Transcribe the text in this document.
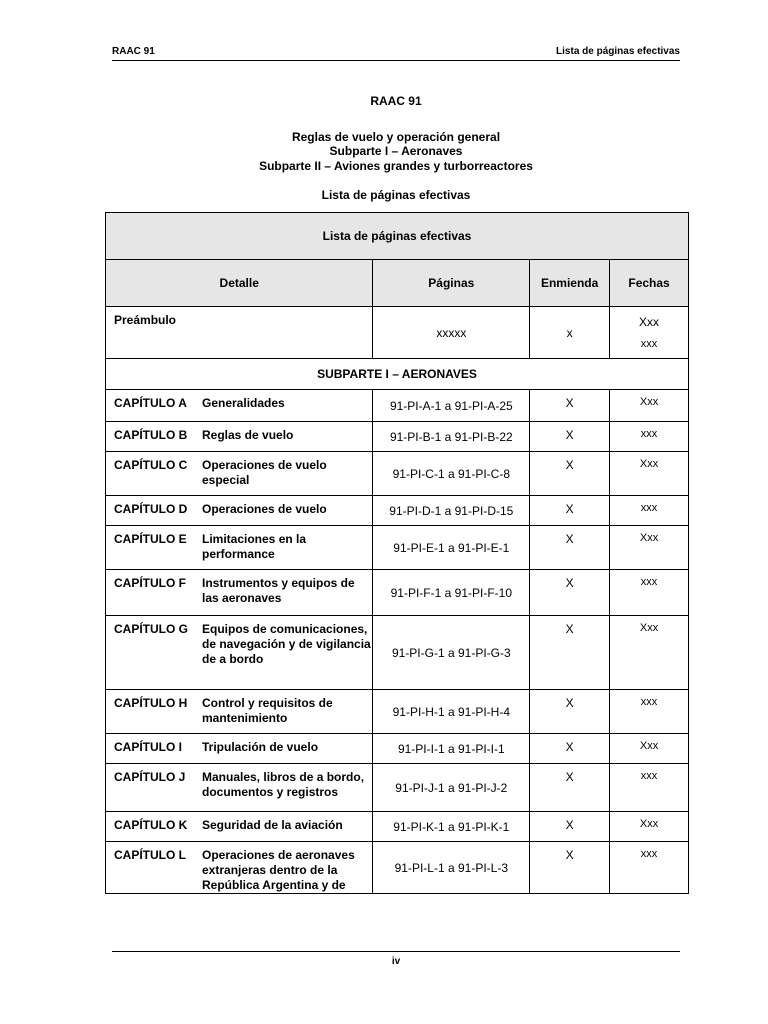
RAAC 91	Lista de páginas efectivas
RAAC 91
Reglas de vuelo y operación general
Subparte I – Aeronaves
Subparte II – Aviones grandes y turborreactores
Lista de páginas efectivas
Lista de páginas efectivas			
Detalle	Páginas	Enmienda	Fechas
Preámbulo	xxxxx	x	Xxx
xxx

SUBPARTE I – AERONAVES			

CAPÍTULO A Generalidades	91-PI-A-1 a 91-PI-A-25	X	Xxx

CAPÍTULO B Reglas de vuelo	91-PI-B-1 a 91-PI-B-22	X	xxx

CAPÍTULO C Operaciones de vuelo especial	91-PI-C-1 a 91-PI-C-8	X	Xxx

CAPÍTULO D Operaciones de vuelo	91-PI-D-1 a 91-PI-D-15	X	xxx

CAPÍTULO E Limitaciones en la performance	91-PI-E-1 a 91-PI-E-1	X	Xxx

CAPÍTULO F Instrumentos y equipos de las aeronaves	91-PI-F-1 a 91-PI-F-10	X	xxx

CAPÍTULO G Equipos de comunicaciones, de navegación y de vigilancia de a bordo	91-PI-G-1 a 91-PI-G-3	X	Xxx

CAPÍTULO H Control y requisitos de mantenimiento	91-PI-H-1 a 91-PI-H-4	X	xxx

CAPÍTULO I Tripulación de vuelo	91-PI-I-1 a 91-PI-I-1	X	Xxx

CAPÍTULO J Manuales, libros de a bordo, documentos y registros	91-PI-J-1 a 91-PI-J-2	X	xxx

CAPÍTULO K Seguridad de la aviación	91-PI-K-1 a 91-PI-K-1	X	Xxx

CAPÍTULO L Operaciones de aeronaves extranjeras dentro de la República Argentina y de	91-PI-L-1 a 91-PI-L-3	X	xxx
iv
